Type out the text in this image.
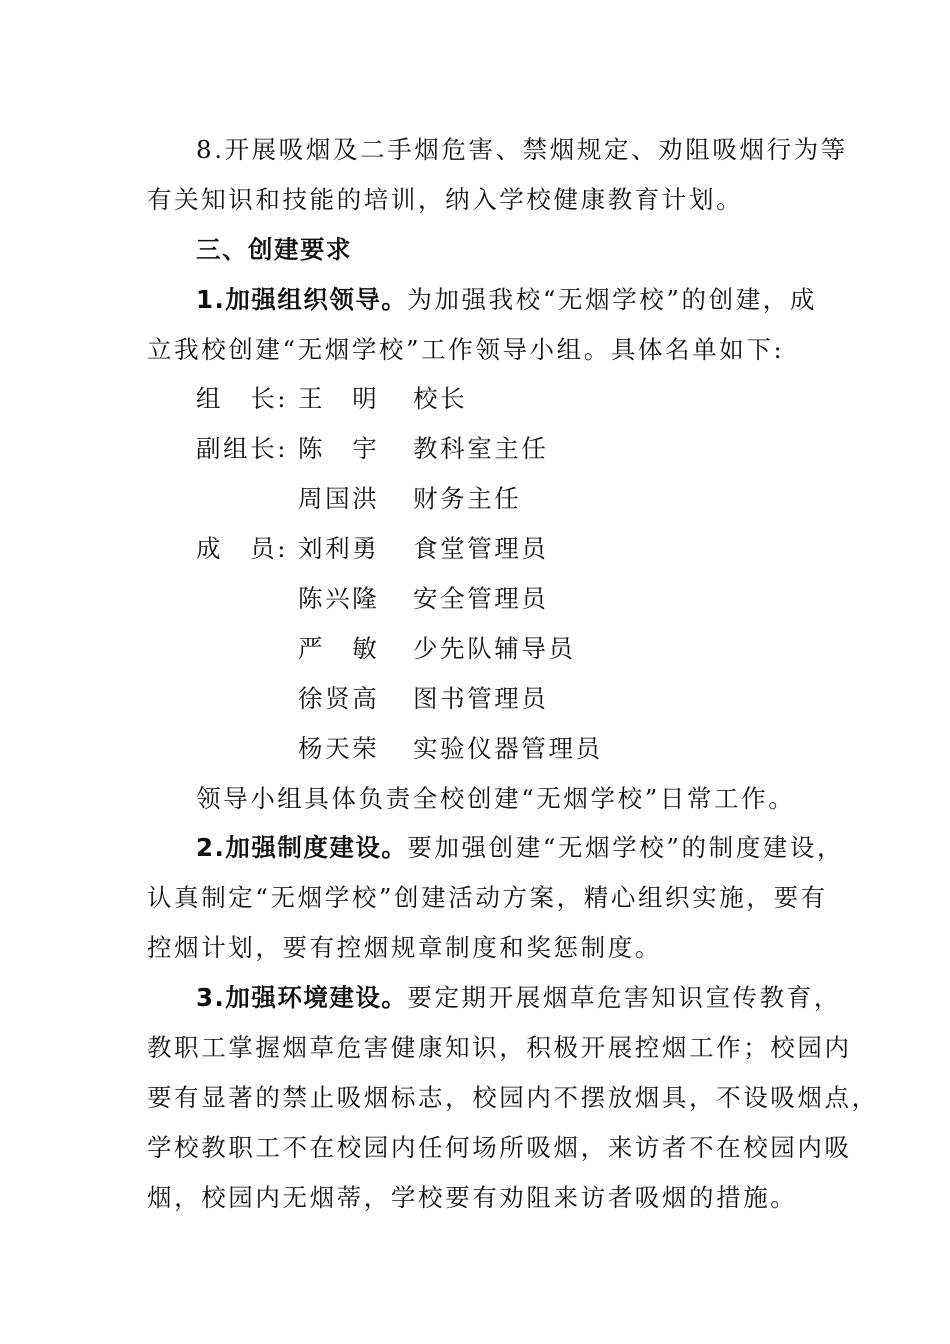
8.开展吸烟及二手烟危害、禁烟规定、劝阻吸烟行为等
有关知识和技能的培训，纳入学校健康教育计划。
三、创建要求
1.加强组织领导。为加强我校“无烟学校”的创建，成
立我校创建“无烟学校”工作领导小组。具体名单如下:
组　长: 王　明 校长
副组长: 陈　宇 教科室主任
周国洪 财务主任
成　员: 刘利勇 食堂管理员
陈兴隆 安全管理员
严　敏 少先队辅导员
徐贤高 图书管理员
杨天荣 实验仪器管理员
领导小组具体负责全校创建“无烟学校”日常工作。
2.加强制度建设。要加强创建“无烟学校”的制度建设，
认真制定“无烟学校”创建活动方案，精心组织实施，要有
控烟计划，要有控烟规章制度和奖惩制度。
3.加强环境建设。要定期开展烟草危害知识宣传教育，
教职工掌握烟草危害健康知识，积极开展控烟工作；校园内
要有显著的禁止吸烟标志，校园内不摆放烟具，不设吸烟点，
学校教职工不在校园内任何场所吸烟，来访者不在校园内吸
烟，校园内无烟蒂，学校要有劝阻来访者吸烟的措施。
